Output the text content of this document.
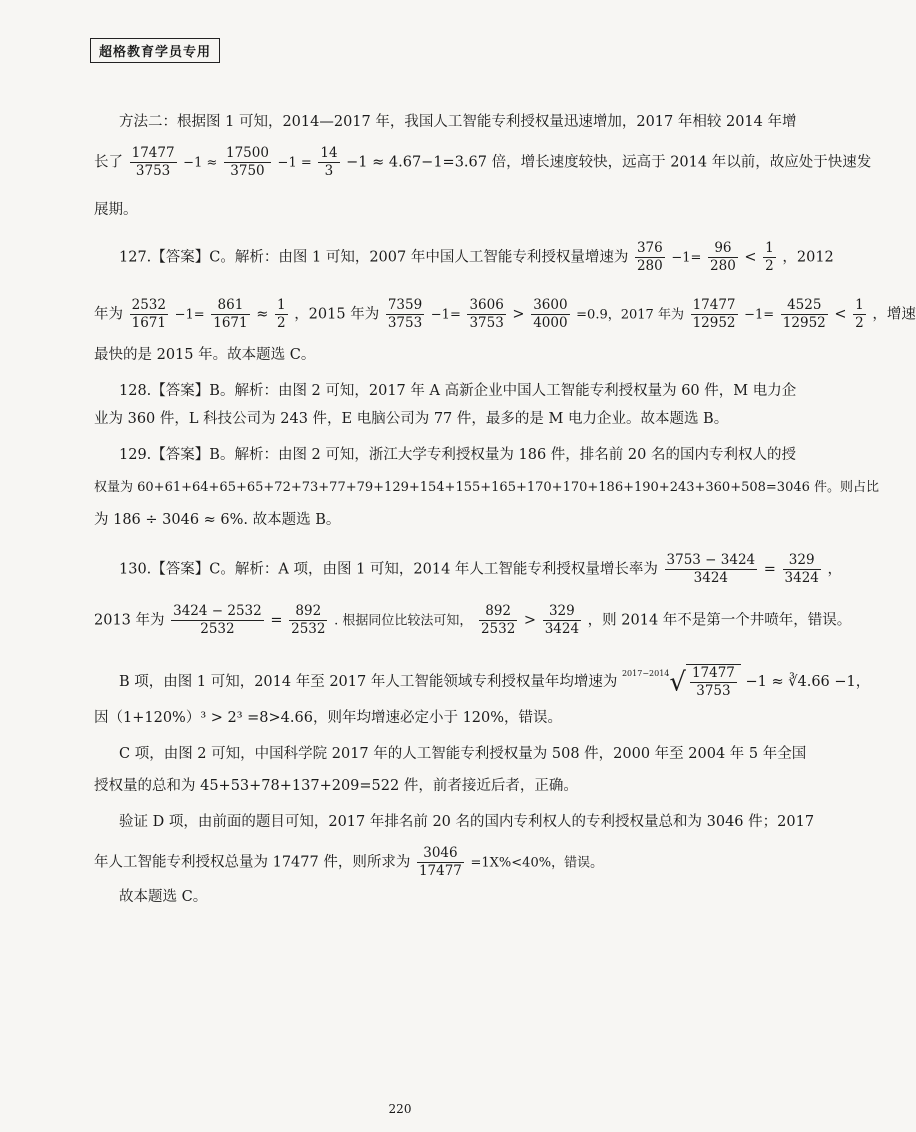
超格教育学员专用
方法二：根据图 1 可知，2014—2017 年，我国人工智能专利授权量迅速增加，2017 年相较 2014 年增
长了 $\frac{17477}{3753} -1 \approx \frac{17500}{3750} -1 = \frac{14}{3} -1 \approx 4.67-1=3.67$ 倍，增长速度较快，远高于 2014 年以前，故应处于快速发
展期。
127.【答案】C。解析：由图 1 可知，2007 年中国人工智能专利授权量增速为 $\frac{376}{280} -1= \frac{96}{280} < \frac{1}{2}$ ，2012
年为 $\frac{2532}{1671} -1= \frac{861}{1671} \approx \frac{1}{2}$ ，2015 年为 $\frac{7359}{3753} -1= \frac{3606}{3753} > \frac{3600}{4000} =0.9$，2017 年为 $\frac{17477}{12952} -1= \frac{4525}{12952} < \frac{1}{2}$ ，增速
最快的是 2015 年。故本题选 C。
128.【答案】B。解析：由图 2 可知，2017 年 A 高新企业中国人工智能专利授权量为 60 件，M 电力企
业为 360 件，L 科技公司为 243 件，E 电脑公司为 77 件，最多的是 M 电力企业。故本题选 B。
129.【答案】B。解析：由图 2 可知，浙江大学专利授权量为 186 件，排名前 20 名的国内专利权人的授
权量为 60+61+64+65+65+72+73+77+79+129+154+155+165+170+170+186+190+243+360+508=3046 件。则占比
为 186 ÷ 3046 ≈ 6%. 故本题选 B。
130.【答案】C。解析：A 项，由图 1 可知，2014 年人工智能专利授权量增长率为 $\frac{3753 - 3424}{3424} = \frac{329}{3424}$ ，
2013 年为 $\frac{3424 - 2532}{2532} = \frac{892}{2532}$ . 根据同位比较法可知， $\frac{892}{2532} > \frac{329}{3424}$ ，则 2014 年不是第一个井喷年，错误。
B 项，由图 1 可知，2014 年至 2017 年人工智能领域专利授权量年均增速为 $^{2017-2014}√ \frac{17477}{3753} -1$ ≈ ∛4.66 −1，
因（1+120%）³ > 2³ =8>4.66，则年均增速必定小于 120%，错误。
C 项，由图 2 可知，中国科学院 2017 年的人工智能专利授权量为 508 件，2000 年至 2004 年 5 年全国
授权量的总和为 45+53+78+137+209=522 件，前者接近后者，正确。
验证 D 项，由前面的题目可知，2017 年排名前 20 名的国内专利权人的专利授权量总和为 3046 件；2017
年人工智能专利授权总量为 17477 件，则所求为 $\frac{3046}{17477} =1X\%<40\%$，错误。
故本题选 C。
220
